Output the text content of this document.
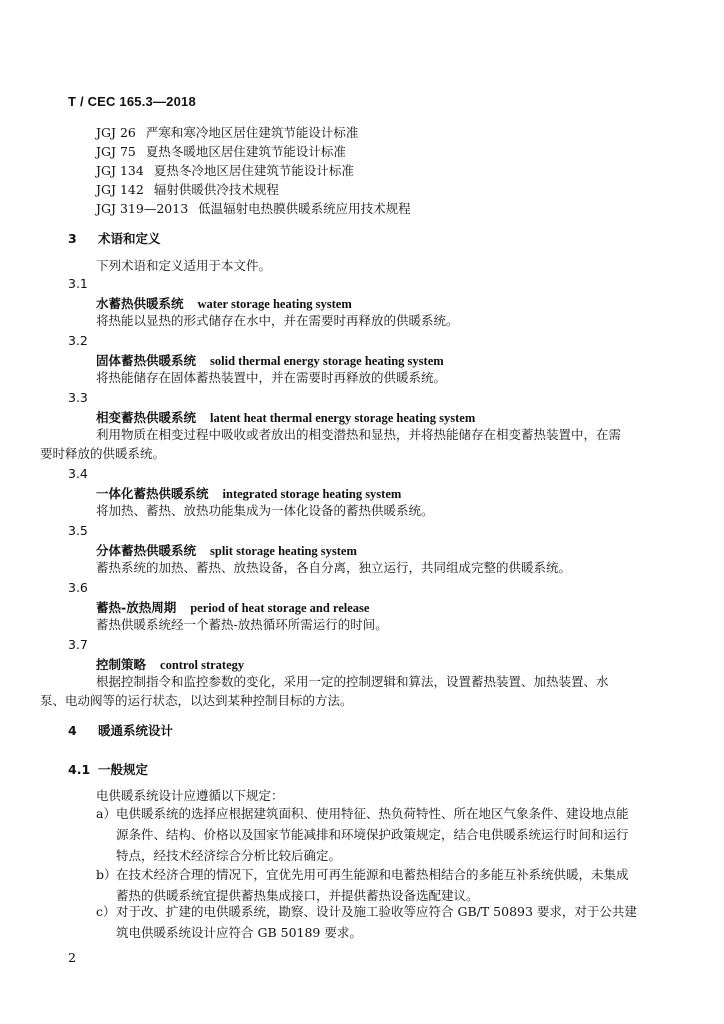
T / CEC 165.3—2018
JGJ 26 严寒和寒冷地区居住建筑节能设计标准
JGJ 75 夏热冬暖地区居住建筑节能设计标准
JGJ 134 夏热冬冷地区居住建筑节能设计标准
JGJ 142 辐射供暖供冷技术规程
JGJ 319—2013 低温辐射电热膜供暖系统应用技术规程
3 术语和定义
下列术语和定义适用于本文件。
3.1
水蓄热供暖系统 water storage heating system
将热能以显热的形式储存在水中，并在需要时再释放的供暖系统。
3.2
固体蓄热供暖系统 solid thermal energy storage heating system
将热能储存在固体蓄热装置中，并在需要时再释放的供暖系统。
3.3
相变蓄热供暖系统 latent heat thermal energy storage heating system
利用物质在相变过程中吸收或者放出的相变潜热和显热，并将热能储存在相变蓄热装置中，在需
要时释放的供暖系统。
3.4
一体化蓄热供暖系统 integrated storage heating system
将加热、蓄热、放热功能集成为一体化设备的蓄热供暖系统。
3.5
分体蓄热供暖系统 split storage heating system
蓄热系统的加热、蓄热、放热设备，各自分离，独立运行，共同组成完整的供暖系统。
3.6
蓄热-放热周期 period of heat storage and release
蓄热供暖系统经一个蓄热-放热循环所需运行的时间。
3.7
控制策略 control strategy
根据控制指令和监控参数的变化，采用一定的控制逻辑和算法，设置蓄热装置、加热装置、水
泵、电动阀等的运行状态，以达到某种控制目标的方法。
4 暖通系统设计
4.1 一般规定
电供暖系统设计应遵循以下规定：
a） 电供暖系统的选择应根据建筑面积、使用特征、热负荷特性、所在地区气象条件、建设地点能
源条件、结构、价格以及国家节能减排和环境保护政策规定，结合电供暖系统运行时间和运行
特点，经技术经济综合分析比较后确定。
b） 在技术经济合理的情况下，宜优先用可再生能源和电蓄热相结合的多能互补系统供暖，未集成
蓄热的供暖系统宜提供蓄热集成接口，并提供蓄热设备选配建议。
c） 对于改、扩建的电供暖系统，勘察、设计及施工验收等应符合 GB/T 50893 要求，对于公共建
筑电供暖系统设计应符合 GB 50189 要求。
2
